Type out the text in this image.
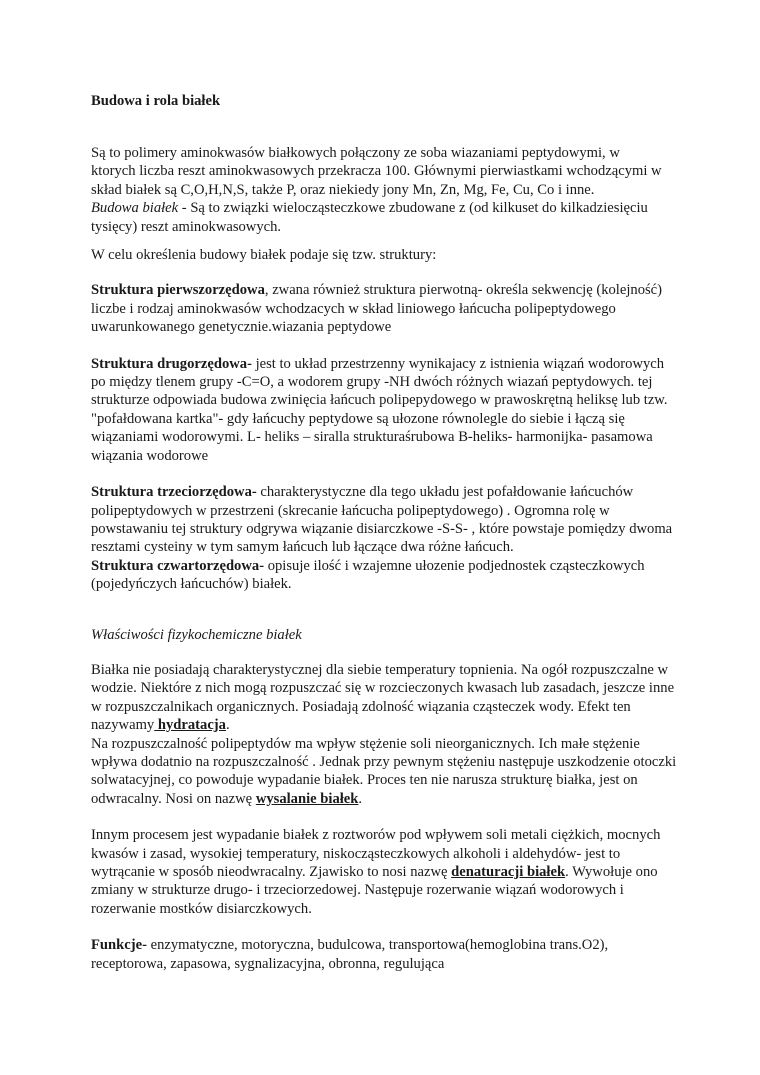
Budowa i rola białek

Są to polimery aminokwasów białkowych połączony ze soba wiazaniami peptydowymi, w
ktorych liczba reszt aminokwasowych przekracza 100. Głównymi pierwiastkami wchodzącymi w
skład białek są C,O,H,N,S, także P, oraz niekiedy jony Mn, Zn, Mg, Fe, Cu, Co i inne.
Budowa białek - Są to związki wielocząsteczkowe zbudowane z (od kilkuset do kilkadziesięciu
tysięcy) reszt aminokwasowych.

W celu określenia budowy białek podaje się tzw. struktury:

Struktura pierwszorzędowa, zwana również struktura pierwotną- określa sekwencję (kolejność) liczbe i rodzaj aminokwasów wchodzacych w skład liniowego łańcucha polipeptydowego uwarunkowanego genetycznie.wiazania peptydowe

Struktura drugorzędowa- jest to układ przestrzenny wynikajacy z istnienia wiązań wodorowych po między tlenem grupy -C=O, a wodorem grupy -NH dwóch różnych wiazań peptydowych. tej strukturze odpowiada budowa zwinięcia łańcuch polipepydowego w prawoskrętną heliksę lub tzw. "pofałdowana kartka"- gdy łańcuchy peptydowe są ułozone równolegle do siebie i łączą się wiązaniami wodorowymi. L- heliks – siralla strukturaśrubowa B-heliks- harmonijka- pasamowa wiązania wodorowe

Struktura trzeciorzędowa- charakterystyczne dla tego układu jest pofałdowanie łańcuchów polipeptydowych w przestrzeni (skrecanie łańcucha polipeptydowego) . Ogromna rolę w powstawaniu tej struktury odgrywa wiązanie disiarczkowe -S-S- , które powstaje pomiędzy dwoma resztami cysteiny w tym samym łańcuch lub łączące dwa różne łańcuch.

Struktura czwartorzędowa- opisuje ilość i wzajemne ułozenie podjednostek cząsteczkowych (pojedyńczych łańcuchów) białek.

Właściwości fizykochemiczne białek

Białka nie posiadają charakterystycznej dla siebie temperatury topnienia. Na ogół rozpuszczalne w wodzie. Niektóre z nich mogą rozpuszczać się w rozcieczonych kwasach lub zasadach, jeszcze inne w rozpuszczalnikach organicznych. Posiadają zdolność wiązania cząsteczek wody. Efekt ten nazywamy hydratacja.

Na rozpuszczalność polipeptydów ma wpływ stężenie soli nieorganicznych. Ich małe stężenie wpływa dodatnio na rozpuszczalność . Jednak przy pewnym stężeniu następuje uszkodzenie otoczki solwatacyjnej, co powoduje wypadanie białek. Proces ten nie narusza strukturę białka, jest on odwracalny. Nosi on nazwę wysalanie białek.

Innym procesem jest wypadanie białek z roztworów pod wpływem soli metali ciężkich, mocnych kwasów i zasad, wysokiej temperatury, niskocząsteczkowych alkoholi i aldehydów- jest to wytrącanie w sposób nieodwracalny. Zjawisko to nosi nazwę denaturacji białek. Wywołuje ono zmiany w strukturze drugo- i trzeciorzedowej. Następuje rozerwanie wiązań wodorowych i rozerwanie mostków disiarczkowych.

Funkcje- enzymatyczne, motoryczna, budulcowa, transportowa(hemoglobina trans.O2), receptorowa, zapasowa, sygnalizacyjna, obronna, regulująca
